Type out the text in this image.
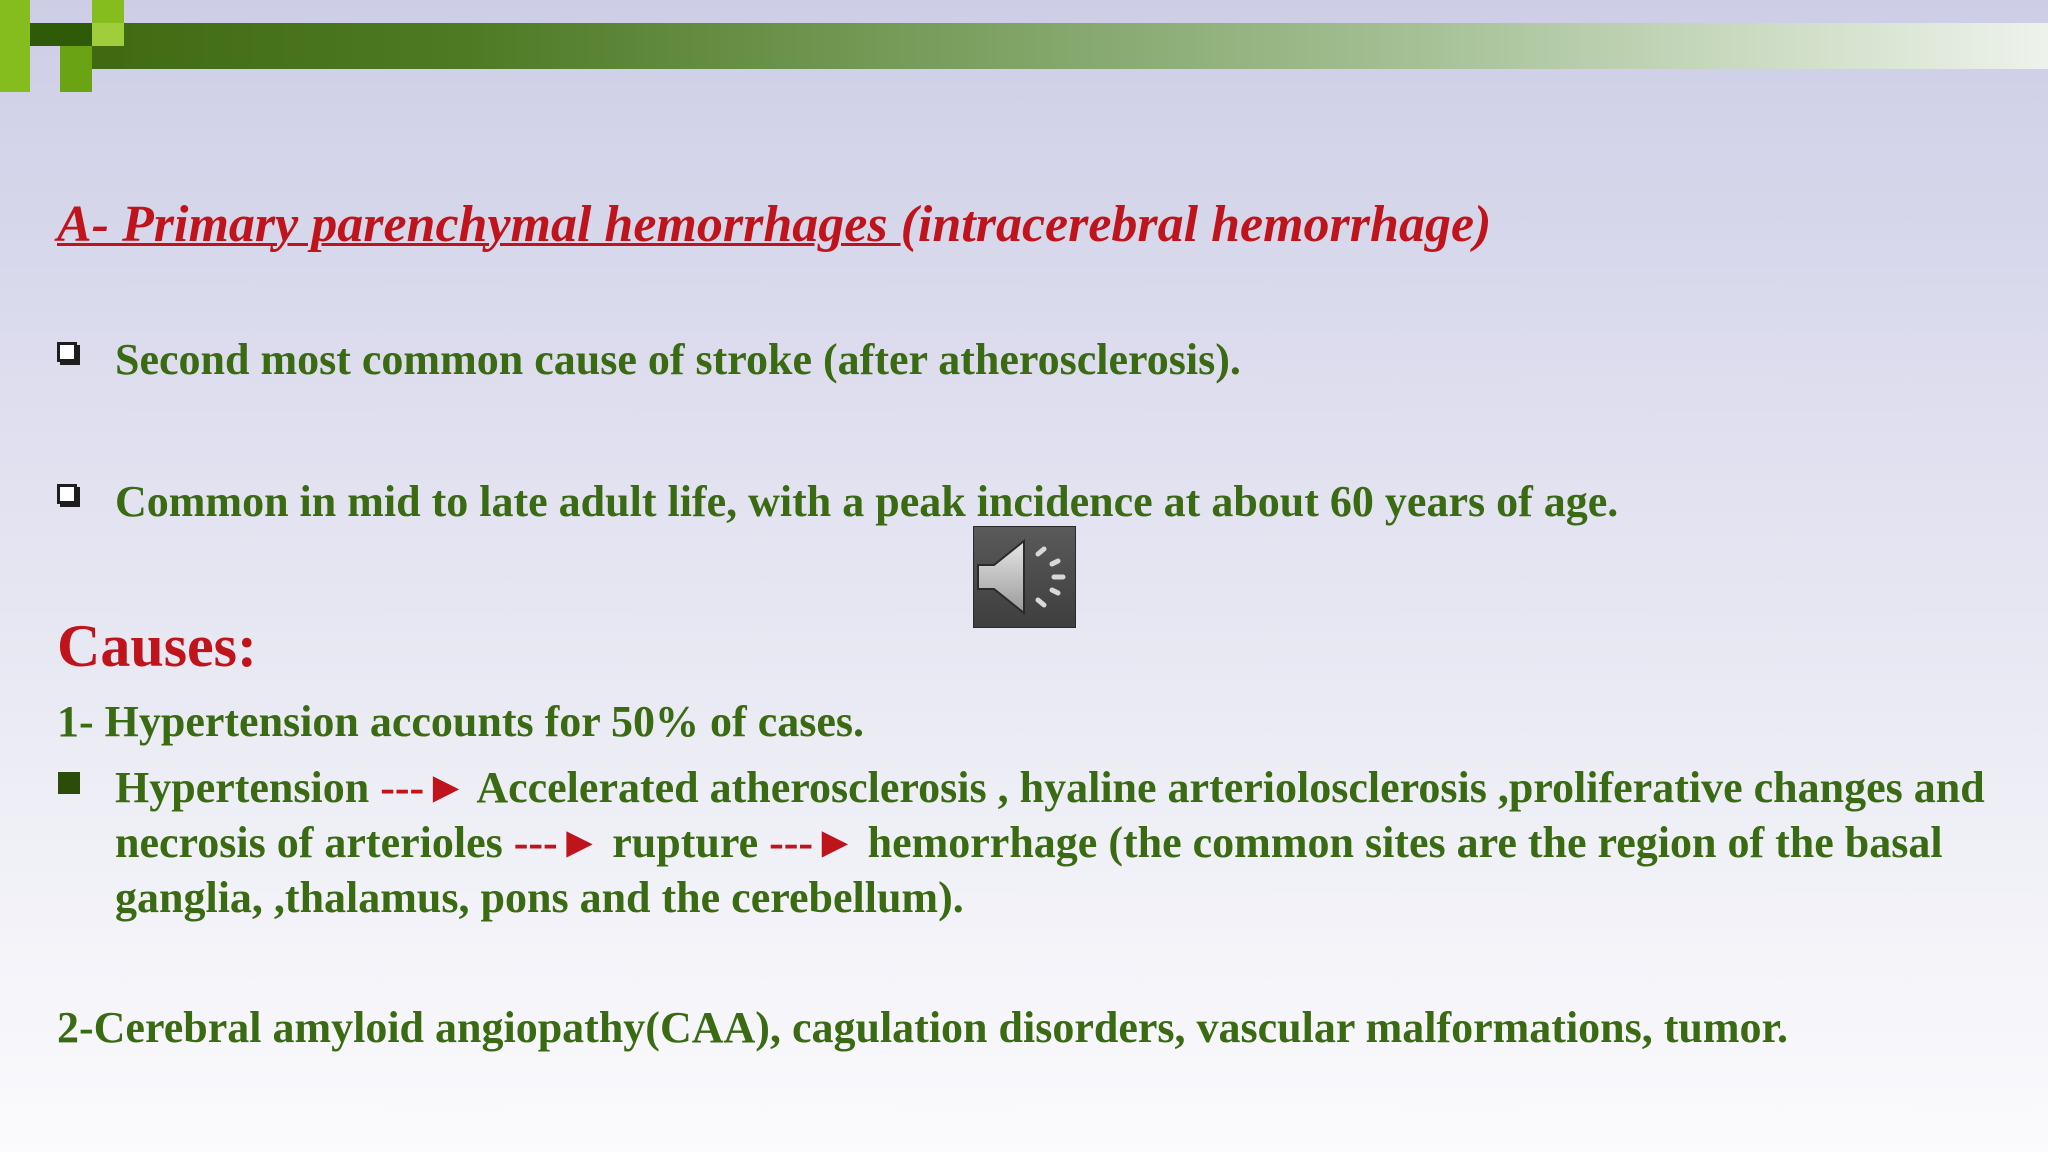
A- Primary parenchymal hemorrhages (intracerebral hemorrhage)
Second most common cause of stroke (after atherosclerosis).
Common in mid to late adult life, with a peak incidence at about 60 years of age.
Causes:
1- Hypertension accounts for 50% of cases.
Hypertension ---► Accelerated atherosclerosis , hyaline arteriolosclerosis ,proliferative changes and necrosis of arterioles ---► rupture ---► hemorrhage (the common sites are the region of the basal ganglia, ,thalamus, pons and the cerebellum).
2-Cerebral amyloid angiopathy(CAA), cagulation disorders, vascular malformations, tumor.
